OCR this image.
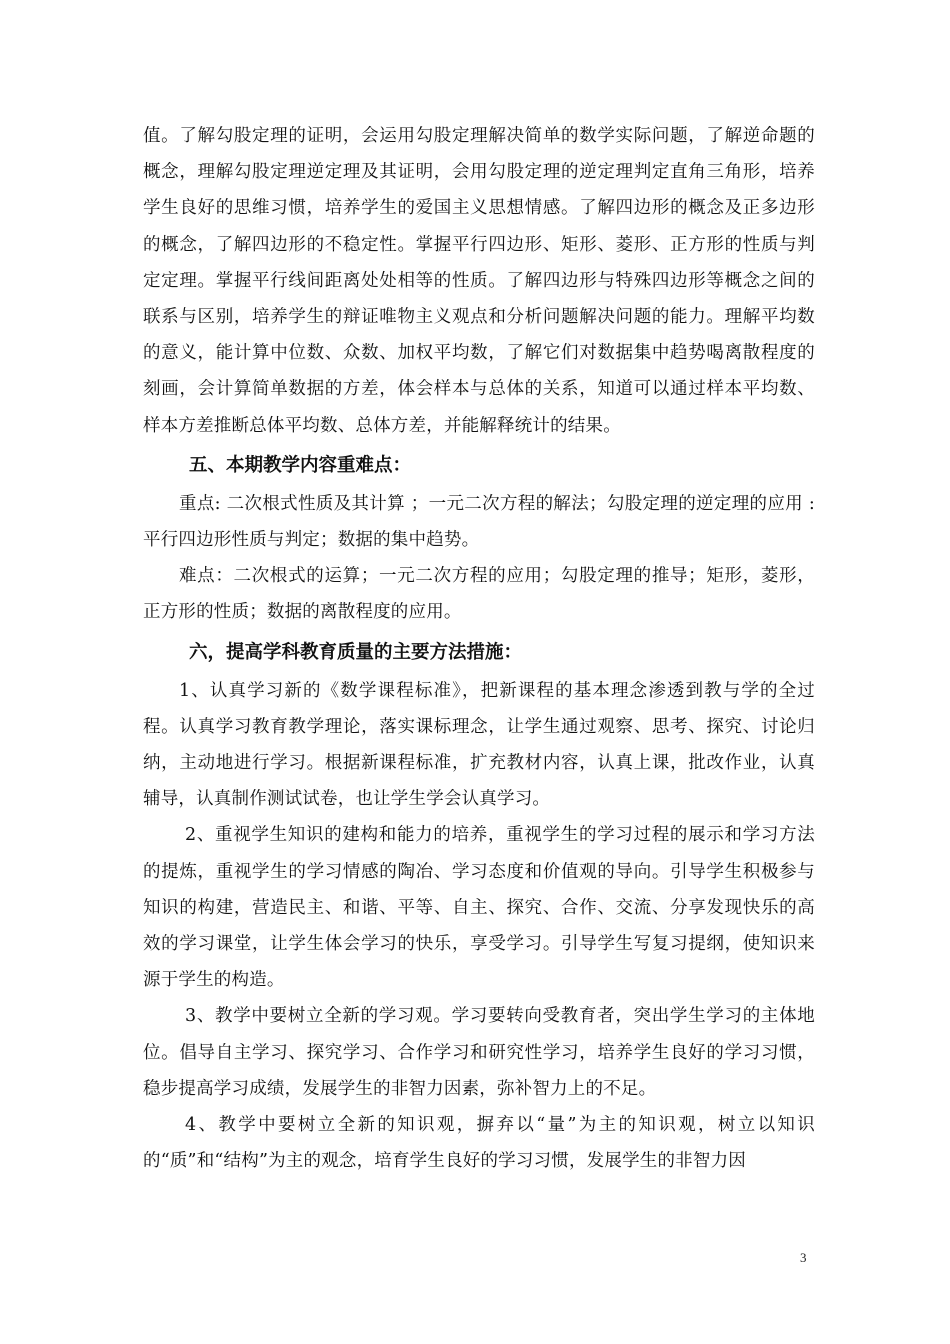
值。了解勾股定理的证明，会运用勾股定理解决简单的数学实际问题，了解逆命题的概念，理解勾股定理逆定理及其证明，会用勾股定理的逆定理判定直角三角形，培养学生良好的思维习惯，培养学生的爱国主义思想情感。了解四边形的概念及正多边形的概念，了解四边形的不稳定性。掌握平行四边形、矩形、菱形、正方形的性质与判定定理。掌握平行线间距离处处相等的性质。了解四边形与特殊四边形等概念之间的联系与区别，培养学生的辩证唯物主义观点和分析问题解决问题的能力。理解平均数的意义，能计算中位数、众数、加权平均数，了解它们对数据集中趋势喝离散程度的刻画，会计算简单数据的方差，体会样本与总体的关系，知道可以通过样本平均数、样本方差推断总体平均数、总体方差，并能解释统计的结果。

五、本期教学内容重难点：

重点: 二次根式性质及其计算 ；一元二次方程的解法；勾股定理的逆定理的应用 : 平行四边形性质与判定；数据的集中趋势。

难点：二次根式的运算；一元二次方程的应用；勾股定理的推导；矩形，菱形，正方形的性质；数据的离散程度的应用。

六，提高学科教育质量的主要方法措施：

1、认真学习新的《数学课程标准》，把新课程的基本理念渗透到教与学的全过程。认真学习教育教学理论，落实课标理念，让学生通过观察、思考、探究、讨论归纳，主动地进行学习。根据新课程标准，扩充教材内容，认真上课，批改作业，认真辅导，认真制作测试试卷，也让学生学会认真学习。

2、重视学生知识的建构和能力的培养，重视学生的学习过程的展示和学习方法的提炼，重视学生的学习情感的陶冶、学习态度和价值观的导向。引导学生积极参与知识的构建，营造民主、和谐、平等、自主、探究、合作、交流、分享发现快乐的高效的学习课堂，让学生体会学习的快乐，享受学习。引导学生写复习提纲，使知识来源于学生的构造。

3、教学中要树立全新的学习观。学习要转向受教育者，突出学生学习的主体地位。倡导自主学习、探究学习、合作学习和研究性学习，培养学生良好的学习习惯，稳步提高学习成绩，发展学生的非智力因素，弥补智力上的不足。

4、教学中要树立全新的知识观，摒弃以“量”为主的知识观，树立以知识的“质”和“结构”为主的观念，培育学生良好的学习习惯，发展学生的非智力因

3
